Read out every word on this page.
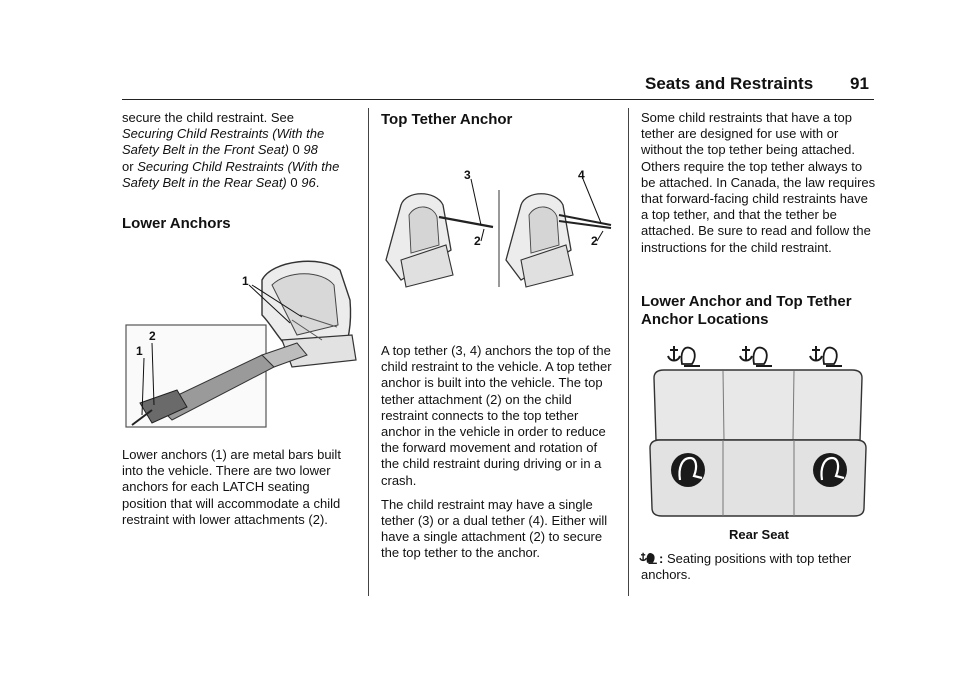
Seats and Restraints 91

secure the child restraint. See
Securing Child Restraints (With the Safety Belt in the Front Seat) 0 98
or Securing Child Restraints (With the Safety Belt in the Rear Seat) 0 96.

Lower Anchors
1
1
2

Lower anchors (1) are metal bars built into the vehicle. There are two lower anchors for each LATCH seating position that will accommodate a child restraint with lower attachments (2).

Top Tether Anchor
3
2
4
2

A top tether (3, 4) anchors the top of the child restraint to the vehicle. A top tether anchor is built into the vehicle. The top tether attachment (2) on the child restraint connects to the top tether anchor in the vehicle in order to reduce the forward movement and rotation of the child restraint during driving or in a crash.

The child restraint may have a single tether (3) or a dual tether (4). Either will have a single attachment (2) to secure the top tether to the anchor.

Some child restraints that have a top tether are designed for use with or without the top tether being attached. Others require the top tether always to be attached. In Canada, the law requires that forward-facing child restraints have a top tether, and that the tether be attached. Be sure to read and follow the instructions for the child restraint.

Lower Anchor and Top Tether Anchor Locations
Rear Seat

: Seating positions with top tether anchors.
